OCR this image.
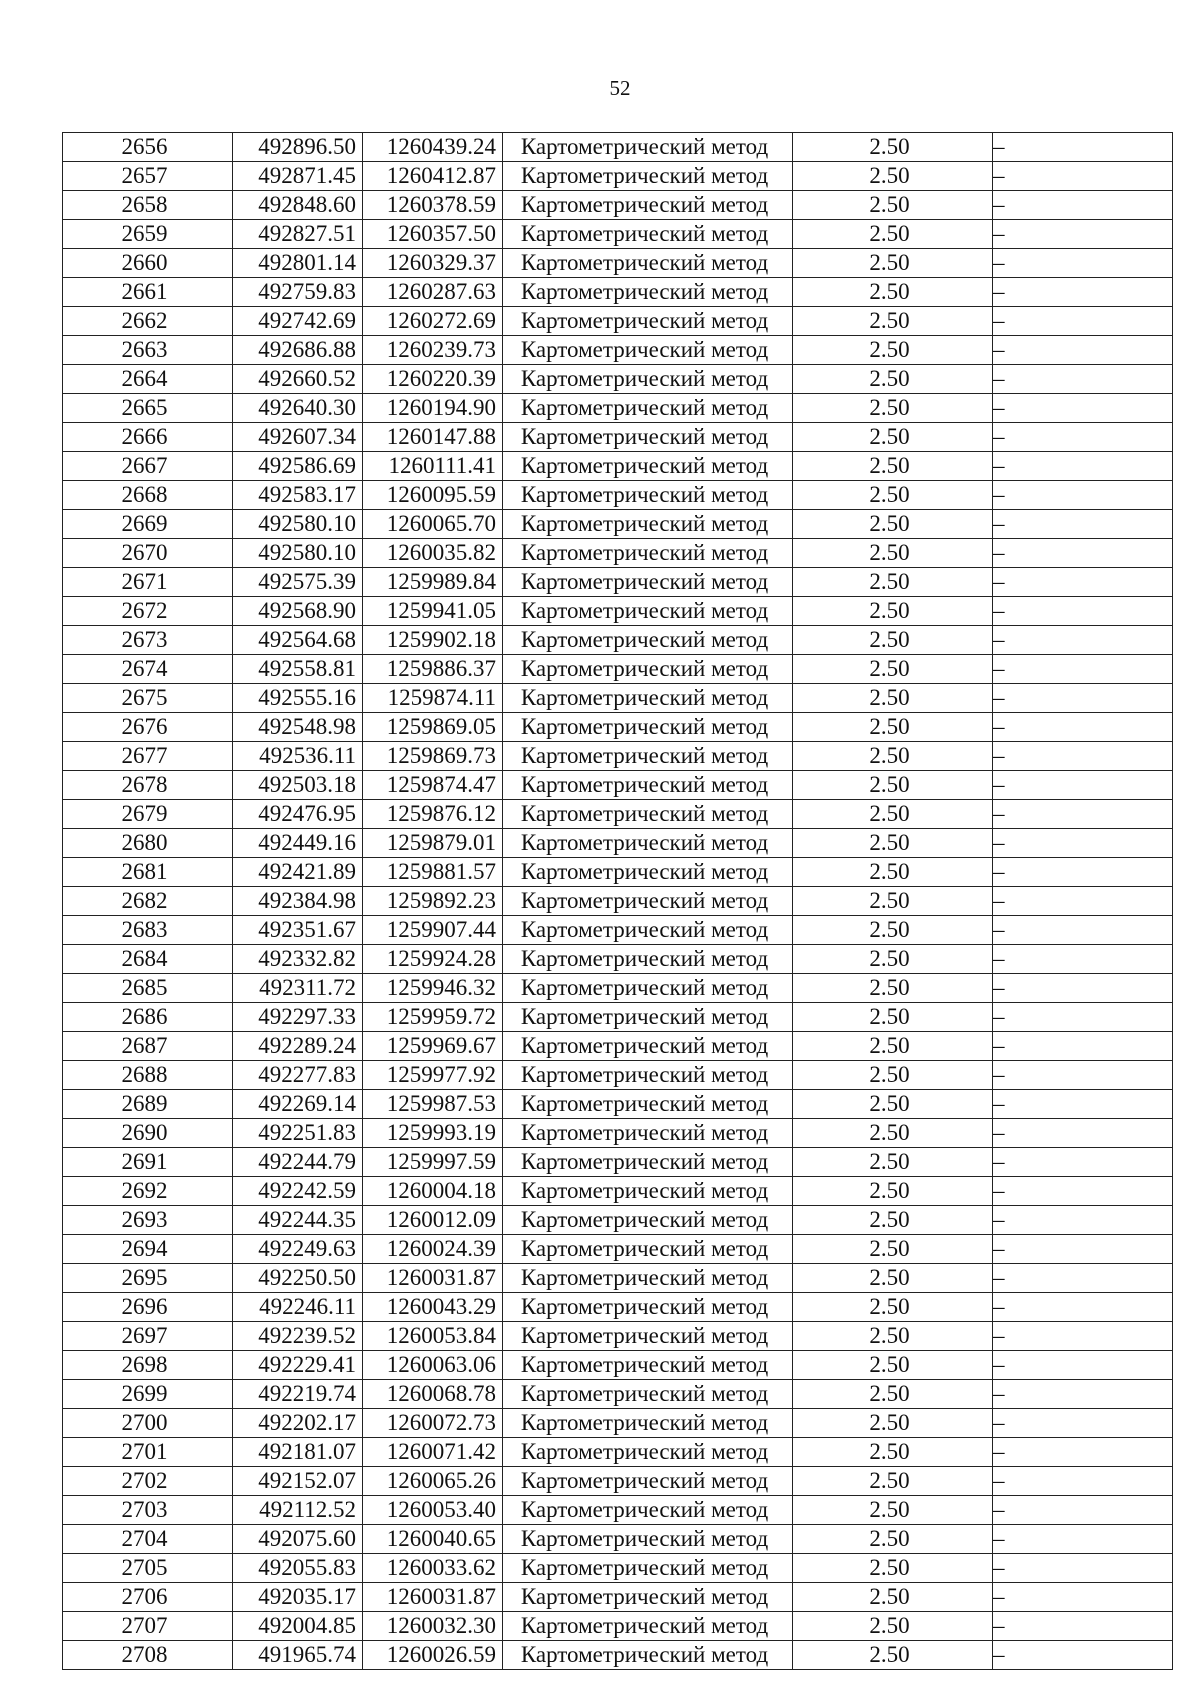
52
2656	492896.50	1260439.24	Картометрический метод	2.50	–
2657	492871.45	1260412.87	Картометрический метод	2.50	–
2658	492848.60	1260378.59	Картометрический метод	2.50	–
2659	492827.51	1260357.50	Картометрический метод	2.50	–
2660	492801.14	1260329.37	Картометрический метод	2.50	–
2661	492759.83	1260287.63	Картометрический метод	2.50	–
2662	492742.69	1260272.69	Картометрический метод	2.50	–
2663	492686.88	1260239.73	Картометрический метод	2.50	–
2664	492660.52	1260220.39	Картометрический метод	2.50	–
2665	492640.30	1260194.90	Картометрический метод	2.50	–
2666	492607.34	1260147.88	Картометрический метод	2.50	–
2667	492586.69	1260111.41	Картометрический метод	2.50	–
2668	492583.17	1260095.59	Картометрический метод	2.50	–
2669	492580.10	1260065.70	Картометрический метод	2.50	–
2670	492580.10	1260035.82	Картометрический метод	2.50	–
2671	492575.39	1259989.84	Картометрический метод	2.50	–
2672	492568.90	1259941.05	Картометрический метод	2.50	–
2673	492564.68	1259902.18	Картометрический метод	2.50	–
2674	492558.81	1259886.37	Картометрический метод	2.50	–
2675	492555.16	1259874.11	Картометрический метод	2.50	–
2676	492548.98	1259869.05	Картометрический метод	2.50	–
2677	492536.11	1259869.73	Картометрический метод	2.50	–
2678	492503.18	1259874.47	Картометрический метод	2.50	–
2679	492476.95	1259876.12	Картометрический метод	2.50	–
2680	492449.16	1259879.01	Картометрический метод	2.50	–
2681	492421.89	1259881.57	Картометрический метод	2.50	–
2682	492384.98	1259892.23	Картометрический метод	2.50	–
2683	492351.67	1259907.44	Картометрический метод	2.50	–
2684	492332.82	1259924.28	Картометрический метод	2.50	–
2685	492311.72	1259946.32	Картометрический метод	2.50	–
2686	492297.33	1259959.72	Картометрический метод	2.50	–
2687	492289.24	1259969.67	Картометрический метод	2.50	–
2688	492277.83	1259977.92	Картометрический метод	2.50	–
2689	492269.14	1259987.53	Картометрический метод	2.50	–
2690	492251.83	1259993.19	Картометрический метод	2.50	–
2691	492244.79	1259997.59	Картометрический метод	2.50	–
2692	492242.59	1260004.18	Картометрический метод	2.50	–
2693	492244.35	1260012.09	Картометрический метод	2.50	–
2694	492249.63	1260024.39	Картометрический метод	2.50	–
2695	492250.50	1260031.87	Картометрический метод	2.50	–
2696	492246.11	1260043.29	Картометрический метод	2.50	–
2697	492239.52	1260053.84	Картометрический метод	2.50	–
2698	492229.41	1260063.06	Картометрический метод	2.50	–
2699	492219.74	1260068.78	Картометрический метод	2.50	–
2700	492202.17	1260072.73	Картометрический метод	2.50	–
2701	492181.07	1260071.42	Картометрический метод	2.50	–
2702	492152.07	1260065.26	Картометрический метод	2.50	–
2703	492112.52	1260053.40	Картометрический метод	2.50	–
2704	492075.60	1260040.65	Картометрический метод	2.50	–
2705	492055.83	1260033.62	Картометрический метод	2.50	–
2706	492035.17	1260031.87	Картометрический метод	2.50	–
2707	492004.85	1260032.30	Картометрический метод	2.50	–
2708	491965.74	1260026.59	Картометрический метод	2.50	–
